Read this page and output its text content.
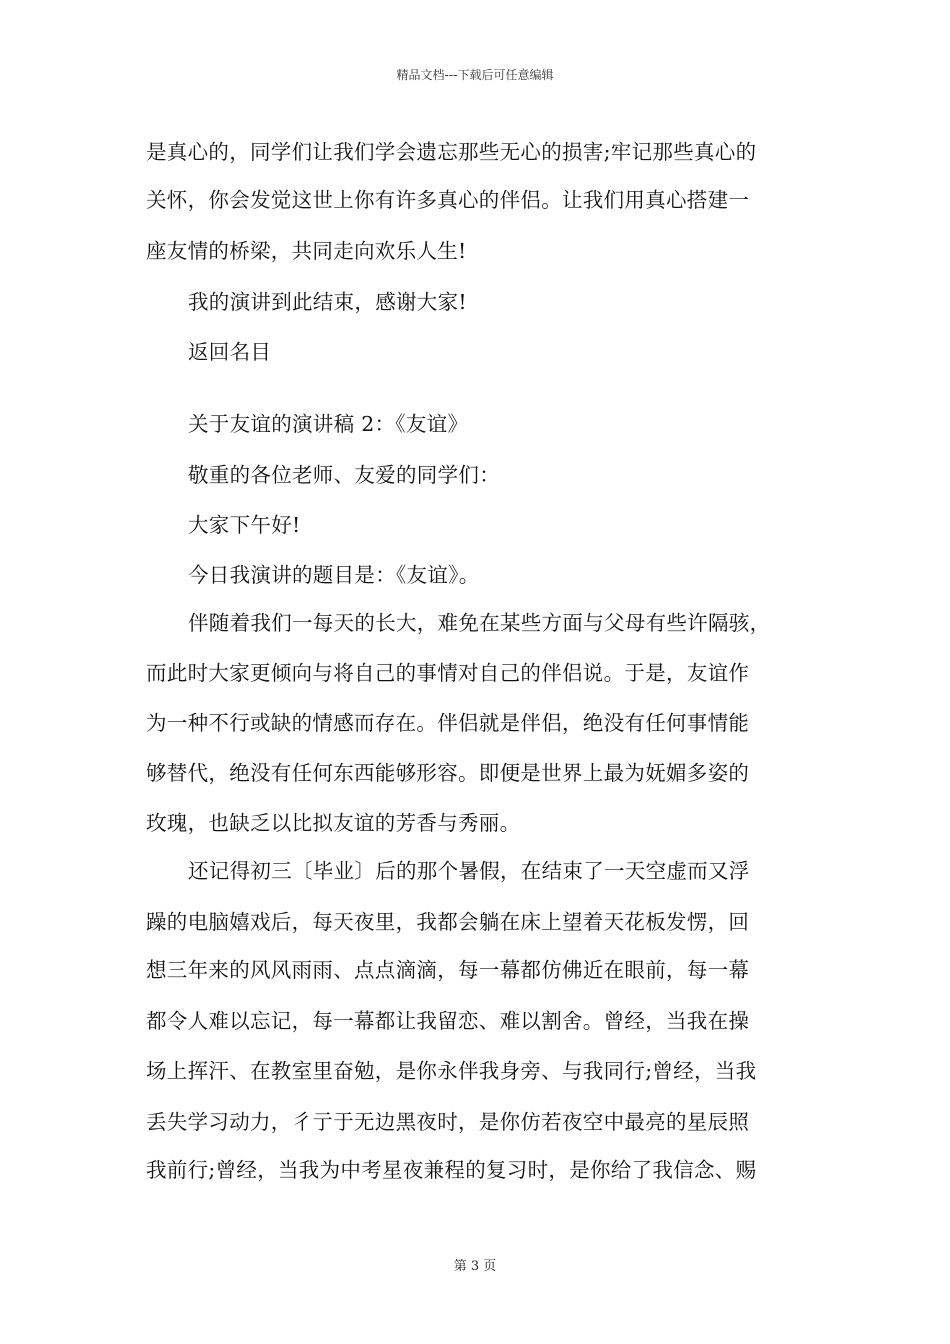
精品文档---下载后可任意编辑
是真心的，同学们让我们学会遗忘那些无心的损害;牢记那些真心的
关怀，你会发觉这世上你有许多真心的伴侣。让我们用真心搭建一
座友情的桥梁，共同走向欢乐人生!
我的演讲到此结束，感谢大家!
返回名目
关于友谊的演讲稿 2：《友谊》
敬重的各位老师、友爱的同学们：
大家下午好!
今日我演讲的题目是：《友谊》。
伴随着我们一每天的长大，难免在某些方面与父母有些许隔骇，
而此时大家更倾向与将自己的事情对自己的伴侣说。于是，友谊作
为一种不行或缺的情感而存在。伴侣就是伴侣，绝没有任何事情能
够替代，绝没有任何东西能够形容。即便是世界上最为妩媚多姿的
玫瑰，也缺乏以比拟友谊的芳香与秀丽。
还记得初三〔毕业〕后的那个暑假，在结束了一天空虚而又浮
躁的电脑嬉戏后，每天夜里，我都会躺在床上望着天花板发愣，回
想三年来的风风雨雨、点点滴滴，每一幕都仿佛近在眼前，每一幕
都令人难以忘记，每一幕都让我留恋、难以割舍。曾经，当我在操
场上挥汗、在教室里奋勉，是你永伴我身旁、与我同行;曾经，当我
丢失学习动力，彳亍于无边黑夜时，是你仿若夜空中最亮的星辰照
我前行;曾经，当我为中考星夜兼程的复习时，是你给了我信念、赐
第 3 页
